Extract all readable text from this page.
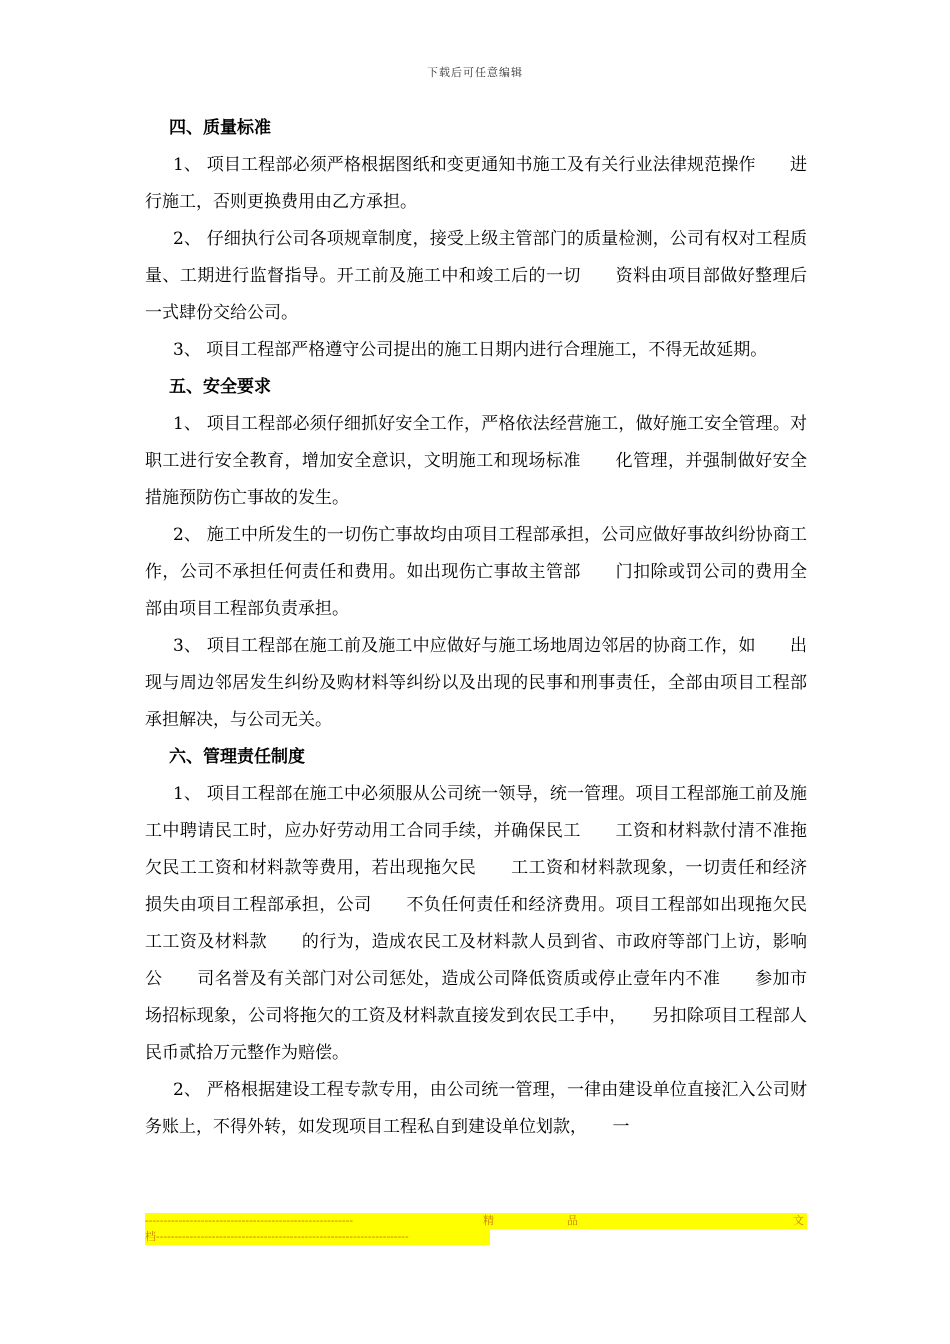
下载后可任意编辑
四、质量标准

1、 项目工程部必须严格根据图纸和变更通知书施工及有关行业法律规范操作　　进行施工，否则更换费用由乙方承担。

2、 仔细执行公司各项规章制度，接受上级主管部门的质量检测，公司有权对工程质量、工期进行监督指导。开工前及施工中和竣工后的一切　　资料由项目部做好整理后一式肆份交给公司。

3、 项目工程部严格遵守公司提出的施工日期内进行合理施工，不得无故延期。

五、安全要求

1、 项目工程部必须仔细抓好安全工作，严格依法经营施工，做好施工安全管理。对职工进行安全教育，增加安全意识，文明施工和现场标准　　化管理，并强制做好安全措施预防伤亡事故的发生。

2、 施工中所发生的一切伤亡事故均由项目工程部承担，公司应做好事故纠纷协商工作，公司不承担任何责任和费用。如出现伤亡事故主管部　　门扣除或罚公司的费用全部由项目工程部负责承担。

3、 项目工程部在施工前及施工中应做好与施工场地周边邻居的协商工作，如　　出现与周边邻居发生纠纷及购材料等纠纷以及出现的民事和刑事责任，全部由项目工程部承担解决，与公司无关。

六、管理责任制度

1、 项目工程部在施工中必须服从公司统一领导，统一管理。项目工程部施工前及施工中聘请民工时，应办好劳动用工合同手续，并确保民工　　工资和材料款付清不准拖欠民工工资和材料款等费用，若出现拖欠民　　工工资和材料款现象，一切责任和经济损失由项目工程部承担，公司　　不负任何责任和经济费用。项目工程部如出现拖欠民工工资及材料款　　的行为，造成农民工及材料款人员到省、市政府等部门上访，影响公　　司名誉及有关部门对公司惩处，造成公司降低资质或停止壹年内不准　　参加市场招标现象，公司将拖欠的工资及材料款直接发到农民工手中，　　另扣除项目工程部人民币贰拾万元整作为赔偿。

2、 严格根据建设工程专款专用，由公司统一管理，一律由建设单位直接汇入公司财务账上，不得外转，如发现项目工程私自到建设单位划款，　　一

--------------------------------------------------------	精	品	文
档--------------------------------------------------------------------
